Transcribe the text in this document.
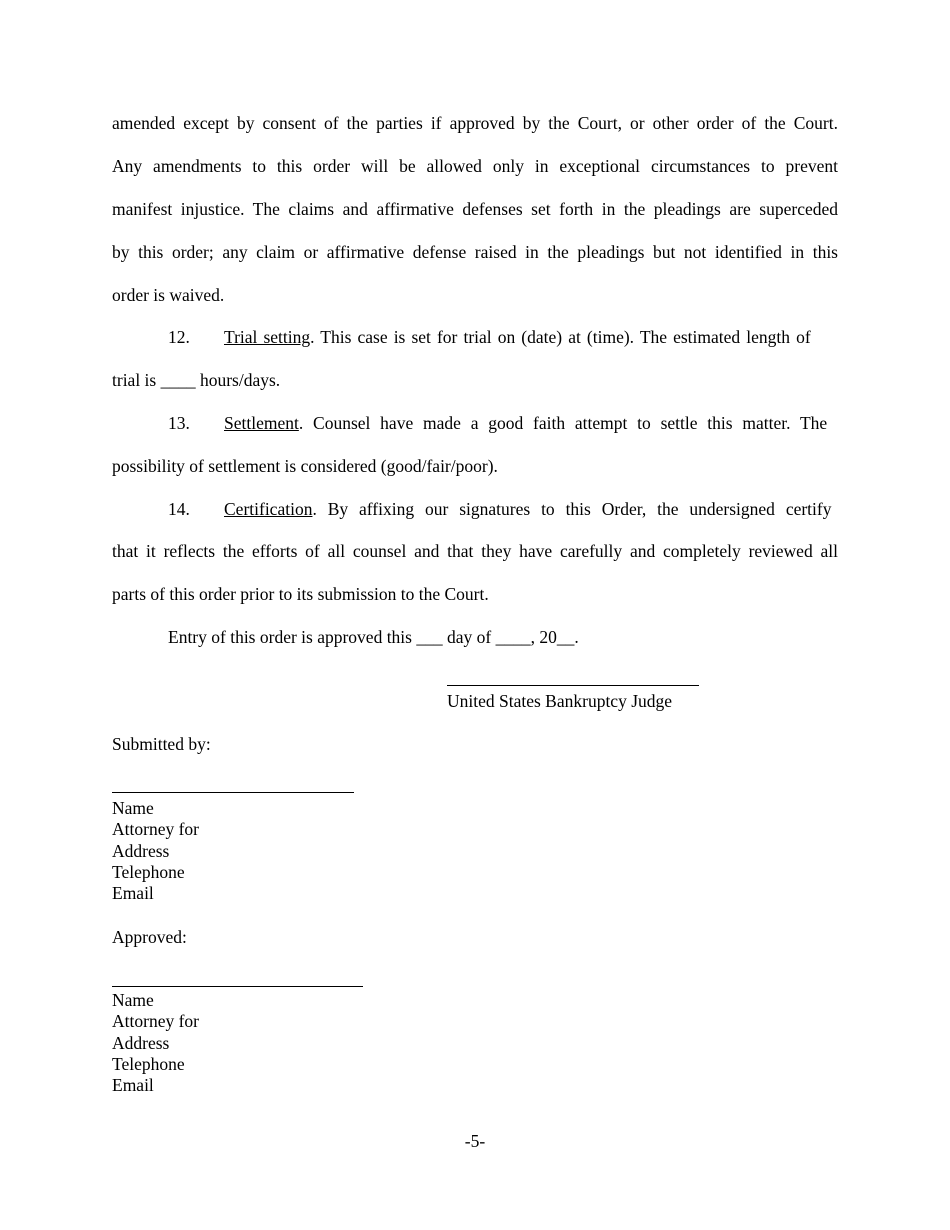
amended except by consent of the parties if approved by the Court, or other order of the Court.
Any amendments to this order will be allowed only in exceptional circumstances to prevent
manifest injustice. The claims and affirmative defenses set forth in the pleadings are superceded
by this order; any claim or affirmative defense raised in the pleadings but not identified in this
order is waived.
12. Trial setting. This case is set for trial on (date) at (time). The estimated length of
trial is ____ hours/days.
13. Settlement. Counsel have made a good faith attempt to settle this matter. The
possibility of settlement is considered (good/fair/poor).
14. Certification. By affixing our signatures to this Order, the undersigned certify
that it reflects the efforts of all counsel and that they have carefully and completely reviewed all
parts of this order prior to its submission to the Court.
Entry of this order is approved this ___ day of ____, 20__.
United States Bankruptcy Judge
Submitted by:
Name
Attorney for
Address
Telephone
Email
Approved:
Name
Attorney for
Address
Telephone
Email
-5-
